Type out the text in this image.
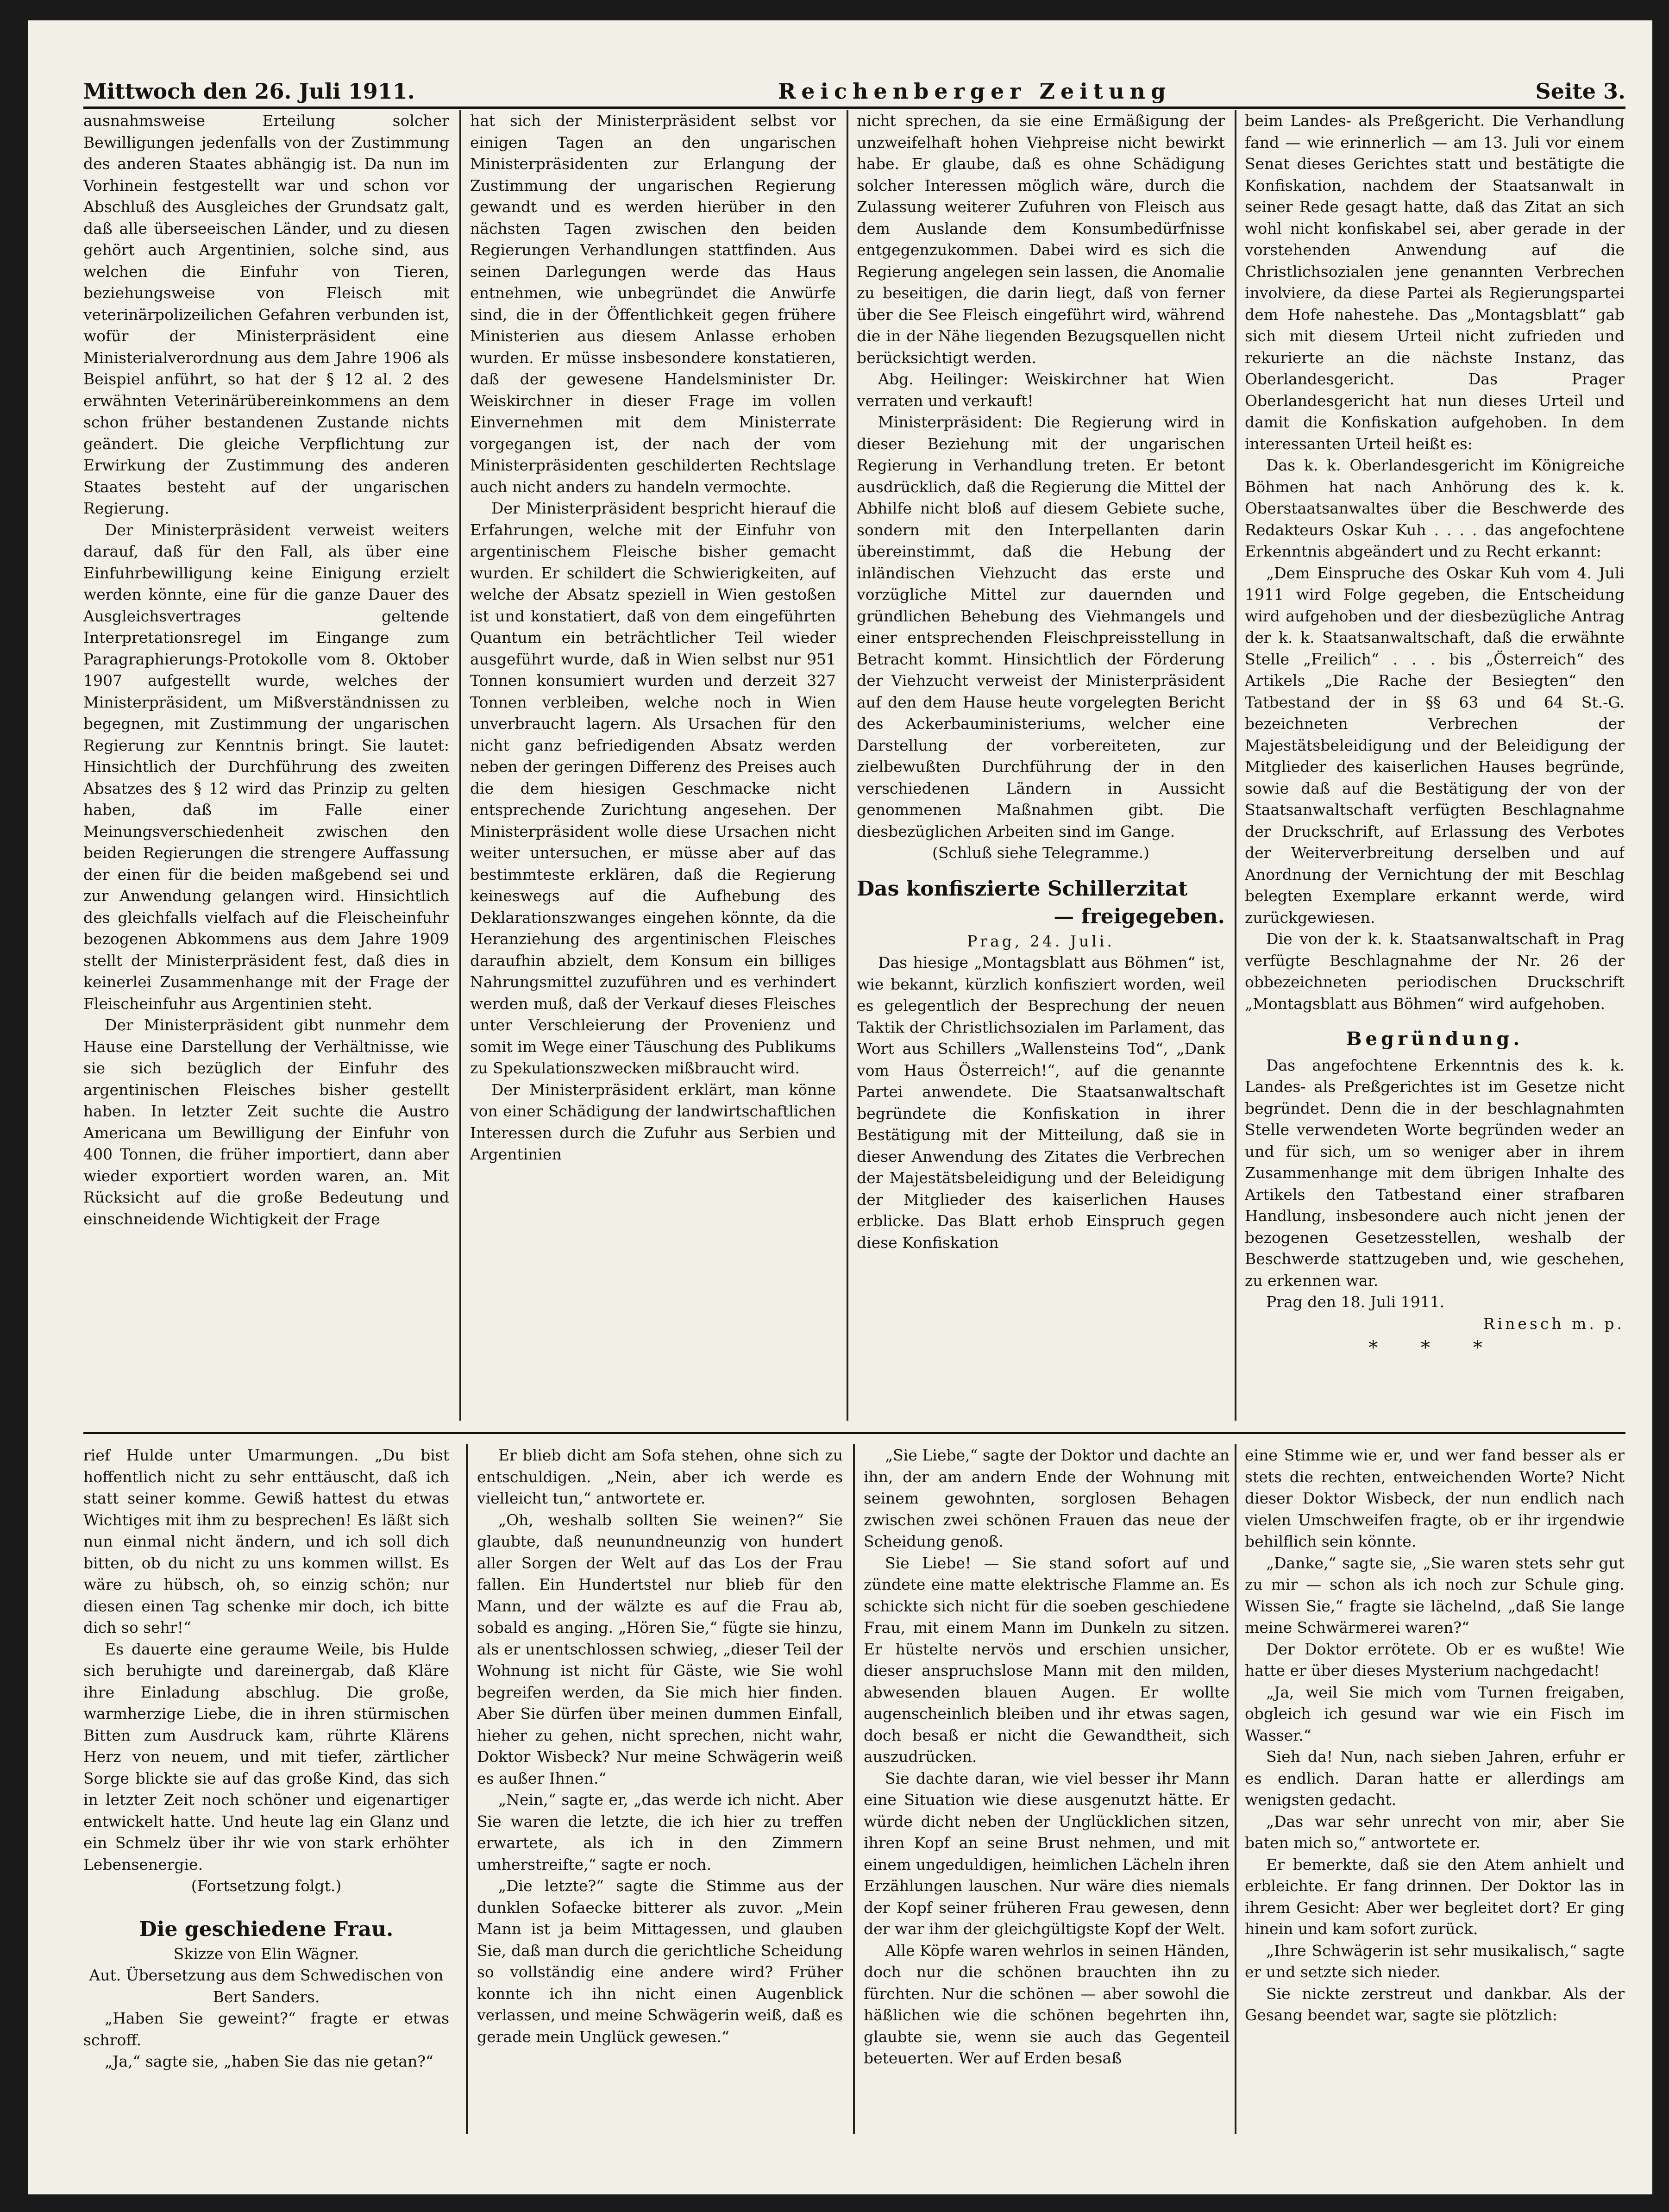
Mittwoch den 26. Juli 1911.	Reichenberger Zeitung	Seite 3.

ausnahmsweise Erteilung solcher Bewilligungen jedenfalls von der Zustimmung des anderen Staates abhängig ist. Da nun im Vorhinein festgestellt war und schon vor Abschluß des Ausgleiches der Grundsatz galt, daß alle überseeischen Länder, und zu diesen gehört auch Argentinien, solche sind, aus welchen die Einfuhr von Tieren, beziehungsweise von Fleisch mit veterinärpolizeilichen Gefahren verbunden ist, wofür der Ministerpräsident eine Ministerialverordnung aus dem Jahre 1906 als Beispiel anführt, so hat der § 12 al. 2 des erwähnten Veterinärübereinkommens an dem schon früher bestandenen Zustande nichts geändert. Die gleiche Verpflichtung zur Erwirkung der Zustimmung des anderen Staates besteht auf der ungarischen Regierung.

Der Ministerpräsident verweist weiters darauf, daß für den Fall, als über eine Einfuhrbewilligung keine Einigung erzielt werden könnte, eine für die ganze Dauer des Ausgleichsvertrages geltende Interpretationsregel im Eingange zum Paragraphierungs-Protokolle vom 8. Oktober 1907 aufgestellt wurde, welches der Ministerpräsident, um Mißverständnissen zu begegnen, mit Zustimmung der ungarischen Regierung zur Kenntnis bringt. Sie lautet: Hinsichtlich der Durchführung des zweiten Absatzes des § 12 wird das Prinzip zu gelten haben, daß im Falle einer Meinungsverschiedenheit zwischen den beiden Regierungen die strengere Auffassung der einen für die beiden maßgebend sei und zur Anwendung gelangen wird. Hinsichtlich des gleichfalls vielfach auf die Fleischeinfuhr bezogenen Abkommens aus dem Jahre 1909 stellt der Ministerpräsident fest, daß dies in keinerlei Zusammenhange mit der Frage der Fleischeinfuhr aus Argentinien steht.

Der Ministerpräsident gibt nunmehr dem Hause eine Darstellung der Verhältnisse, wie sie sich bezüglich der Einfuhr des argentinischen Fleisches bisher gestellt haben. In letzter Zeit suchte die Austro Americana um Bewilligung der Einfuhr von 400 Tonnen, die früher importiert, dann aber wieder exportiert worden waren, an. Mit Rücksicht auf die große Bedeutung und einschneidende Wichtigkeit der Frage

hat sich der Ministerpräsident selbst vor einigen Tagen an den ungarischen Ministerpräsidenten zur Erlangung der Zustimmung der ungarischen Regierung gewandt und es werden hierüber in den nächsten Tagen zwischen den beiden Regierungen Verhandlungen stattfinden. Aus seinen Darlegungen werde das Haus entnehmen, wie unbegründet die Anwürfe sind, die in der Öffentlichkeit gegen frühere Ministerien aus diesem Anlasse erhoben wurden. Er müsse insbesondere konstatieren, daß der gewesene Handelsminister Dr. Weiskirchner in dieser Frage im vollen Einvernehmen mit dem Ministerrate vorgegangen ist, der nach der vom Ministerpräsidenten geschilderten Rechtslage auch nicht anders zu handeln vermochte.

Der Ministerpräsident bespricht hierauf die Erfahrungen, welche mit der Einfuhr von argentinischem Fleische bisher gemacht wurden. Er schildert die Schwierigkeiten, auf welche der Absatz speziell in Wien gestoßen ist und konstatiert, daß von dem eingeführten Quantum ein beträchtlicher Teil wieder ausgeführt wurde, daß in Wien selbst nur 951 Tonnen konsumiert wurden und derzeit 327 Tonnen verbleiben, welche noch in Wien unverbraucht lagern. Als Ursachen für den nicht ganz befriedigenden Absatz werden neben der geringen Differenz des Preises auch die dem hiesigen Geschmacke nicht entsprechende Zurichtung angesehen. Der Ministerpräsident wolle diese Ursachen nicht weiter untersuchen, er müsse aber auf das bestimmteste erklären, daß die Regierung keineswegs auf die Aufhebung des Deklarationszwanges eingehen könnte, da die Heranziehung des argentinischen Fleisches daraufhin abzielt, dem Konsum ein billiges Nahrungsmittel zuzuführen und es verhindert werden muß, daß der Verkauf dieses Fleisches unter Verschleierung der Provenienz und somit im Wege einer Täuschung des Publikums zu Spekulationszwecken mißbraucht wird.

Der Ministerpräsident erklärt, man könne von einer Schädigung der landwirtschaftlichen Interessen durch die Zufuhr aus Serbien und Argentinien

nicht sprechen, da sie eine Ermäßigung der unzweifelhaft hohen Viehpreise nicht bewirkt habe. Er glaube, daß es ohne Schädigung solcher Interessen möglich wäre, durch die Zulassung weiterer Zufuhren von Fleisch aus dem Auslande dem Konsumbedürfnisse entgegenzukommen. Dabei wird es sich die Regierung angelegen sein lassen, die Anomalie zu beseitigen, die darin liegt, daß von ferner über die See Fleisch eingeführt wird, während die in der Nähe liegenden Bezugsquellen nicht berücksichtigt werden.

Abg. Heilinger: Weiskirchner hat Wien verraten und verkauft!

Ministerpräsident: Die Regierung wird in dieser Beziehung mit der ungarischen Regierung in Verhandlung treten. Er betont ausdrücklich, daß die Regierung die Mittel der Abhilfe nicht bloß auf diesem Gebiete suche, sondern mit den Interpellanten darin übereinstimmt, daß die Hebung der inländischen Viehzucht das erste und vorzügliche Mittel zur dauernden und gründlichen Behebung des Viehmangels und einer entsprechenden Fleischpreisstellung in Betracht kommt. Hinsichtlich der Förderung der Viehzucht verweist der Ministerpräsident auf den dem Hause heute vorgelegten Bericht des Ackerbauministeriums, welcher eine Darstellung der vorbereiteten, zur zielbewußten Durchführung der in den verschiedenen Ländern in Aussicht genommenen Maßnahmen gibt. Die diesbezüglichen Arbeiten sind im Gange.

(Schluß siehe Telegramme.)

Das konfiszierte Schillerzitat
— freigegeben.

Prag, 24. Juli.

Das hiesige „Montagsblatt aus Böhmen“ ist, wie bekannt, kürzlich konfisziert worden, weil es gelegentlich der Besprechung der neuen Taktik der Christlichsozialen im Parlament, das Wort aus Schillers „Wallensteins Tod“, „Dank vom Haus Österreich!“, auf die genannte Partei anwendete. Die Staatsanwaltschaft begründete die Konfiskation in ihrer Bestätigung mit der Mitteilung, daß sie in dieser Anwendung des Zitates die Verbrechen der Majestätsbeleidigung und der Beleidigung der Mitglieder des kaiserlichen Hauses erblicke. Das Blatt erhob Einspruch gegen diese Konfiskation

beim Landes- als Preßgericht. Die Verhandlung fand — wie erinnerlich — am 13. Juli vor einem Senat dieses Gerichtes statt und bestätigte die Konfiskation, nachdem der Staatsanwalt in seiner Rede gesagt hatte, daß das Zitat an sich wohl nicht konfiskabel sei, aber gerade in der vorstehenden Anwendung auf die Christlichsozialen jene genannten Verbrechen involviere, da diese Partei als Regierungspartei dem Hofe nahestehe. Das „Montagsblatt“ gab sich mit diesem Urteil nicht zufrieden und rekurierte an die nächste Instanz, das Oberlandesgericht. Das Prager Oberlandesgericht hat nun dieses Urteil und damit die Konfiskation aufgehoben. In dem interessanten Urteil heißt es:

Das k. k. Oberlandesgericht im Königreiche Böhmen hat nach Anhörung des k. k. Oberstaatsanwaltes über die Beschwerde des Redakteurs Oskar Kuh . . . . das angefochtene Erkenntnis abgeändert und zu Recht erkannt:

„Dem Einspruche des Oskar Kuh vom 4. Juli 1911 wird Folge gegeben, die Entscheidung wird aufgehoben und der diesbezügliche Antrag der k. k. Staatsanwaltschaft, daß die erwähnte Stelle „Freilich“ . . . bis „Österreich“ des Artikels „Die Rache der Besiegten“ den Tatbestand der in §§ 63 und 64 St.-G. bezeichneten Verbrechen der Majestätsbeleidigung und der Beleidigung der Mitglieder des kaiserlichen Hauses begründe, sowie daß auf die Bestätigung der von der Staatsanwaltschaft verfügten Beschlagnahme der Druckschrift, auf Erlassung des Verbotes der Weiterverbreitung derselben und auf Anordnung der Vernichtung der mit Beschlag belegten Exemplare erkannt werde, wird zurückgewiesen.

Die von der k. k. Staatsanwaltschaft in Prag verfügte Beschlagnahme der Nr. 26 der obbezeichneten periodischen Druckschrift „Montagsblatt aus Böhmen“ wird aufgehoben.

Begründung.

Das angefochtene Erkenntnis des k. k. Landes- als Preßgerichtes ist im Gesetze nicht begründet. Denn die in der beschlagnahmten Stelle verwendeten Worte begründen weder an und für sich, um so weniger aber in ihrem Zusammenhange mit dem übrigen Inhalte des Artikels den Tatbestand einer strafbaren Handlung, insbesondere auch nicht jenen der bezogenen Gesetzesstellen, weshalb der Beschwerde stattzugeben und, wie geschehen, zu erkennen war.

Prag den 18. Juli 1911.

Rinesch m. p.

* * *

rief Hulde unter Umarmungen. „Du bist hoffentlich nicht zu sehr enttäuscht, daß ich statt seiner komme. Gewiß hattest du etwas Wichtiges mit ihm zu besprechen! Es läßt sich nun einmal nicht ändern, und ich soll dich bitten, ob du nicht zu uns kommen willst. Es wäre zu hübsch, oh, so einzig schön; nur diesen einen Tag schenke mir doch, ich bitte dich so sehr!“

Es dauerte eine geraume Weile, bis Hulde sich beruhigte und dareinergab, daß Kläre ihre Einladung abschlug. Die große, warmherzige Liebe, die in ihren stürmischen Bitten zum Ausdruck kam, rührte Klärens Herz von neuem, und mit tiefer, zärtlicher Sorge blickte sie auf das große Kind, das sich in letzter Zeit noch schöner und eigenartiger entwickelt hatte. Und heute lag ein Glanz und ein Schmelz über ihr wie von stark erhöhter Lebensenergie.

(Fortsetzung folgt.)

Die geschiedene Frau.
Skizze von Elin Wägner.
Aut. Übersetzung aus dem Schwedischen von Bert Sanders.

„Haben Sie geweint?“ fragte er etwas schroff.

„Ja,“ sagte sie, „haben Sie das nie getan?“

Er blieb dicht am Sofa stehen, ohne sich zu entschuldigen. „Nein, aber ich werde es vielleicht tun,“ antwortete er.

„Oh, weshalb sollten Sie weinen?“ Sie glaubte, daß neunundneunzig von hundert aller Sorgen der Welt auf das Los der Frau fallen. Ein Hundertstel nur blieb für den Mann, und der wälzte es auf die Frau ab, sobald es anging. „Hören Sie,“ fügte sie hinzu, als er unentschlossen schwieg, „dieser Teil der Wohnung ist nicht für Gäste, wie Sie wohl begreifen werden, da Sie mich hier finden. Aber Sie dürfen über meinen dummen Einfall, hieher zu gehen, nicht sprechen, nicht wahr, Doktor Wisbeck? Nur meine Schwägerin weiß es außer Ihnen.“

„Nein,“ sagte er, „das werde ich nicht. Aber Sie waren die letzte, die ich hier zu treffen erwartete, als ich in den Zimmern umherstreifte,“ sagte er noch.

„Die letzte?“ sagte die Stimme aus der dunklen Sofaecke bitterer als zuvor. „Mein Mann ist ja beim Mittagessen, und glauben Sie, daß man durch die gerichtliche Scheidung so vollständig eine andere wird? Früher konnte ich ihn nicht einen Augenblick verlassen, und meine Schwägerin weiß, daß es gerade mein Unglück gewesen.“

„Sie Liebe,“ sagte der Doktor und dachte an ihn, der am andern Ende der Wohnung mit seinem gewohnten, sorglosen Behagen zwischen zwei schönen Frauen das neue der Scheidung genoß.

Sie Liebe! — Sie stand sofort auf und zündete eine matte elektrische Flamme an. Es schickte sich nicht für die soeben geschiedene Frau, mit einem Mann im Dunkeln zu sitzen. Er hüstelte nervös und erschien unsicher, dieser anspruchslose Mann mit den milden, abwesenden blauen Augen. Er wollte augenscheinlich bleiben und ihr etwas sagen, doch besaß er nicht die Gewandtheit, sich auszudrücken.

Sie dachte daran, wie viel besser ihr Mann eine Situation wie diese ausgenutzt hätte. Er würde dicht neben der Unglücklichen sitzen, ihren Kopf an seine Brust nehmen, und mit einem ungeduldigen, heimlichen Lächeln ihren Erzählungen lauschen. Nur wäre dies niemals der Kopf seiner früheren Frau gewesen, denn der war ihm der gleichgültigste Kopf der Welt.

Alle Köpfe waren wehrlos in seinen Händen, doch nur die schönen brauchten ihn zu fürchten. Nur die schönen — aber sowohl die häßlichen wie die schönen begehrten ihn, glaubte sie, wenn sie auch das Gegenteil beteuerten. Wer auf Erden besaß

eine Stimme wie er, und wer fand besser als er stets die rechten, entweichenden Worte? Nicht dieser Doktor Wisbeck, der nun endlich nach vielen Umschweifen fragte, ob er ihr irgendwie behilflich sein könnte.

„Danke,“ sagte sie, „Sie waren stets sehr gut zu mir — schon als ich noch zur Schule ging. Wissen Sie,“ fragte sie lächelnd, „daß Sie lange meine Schwärmerei waren?“

Der Doktor errötete. Ob er es wußte! Wie hatte er über dieses Mysterium nachgedacht!

„Ja, weil Sie mich vom Turnen freigaben, obgleich ich gesund war wie ein Fisch im Wasser.“

Sieh da! Nun, nach sieben Jahren, erfuhr er es endlich. Daran hatte er allerdings am wenigsten gedacht.

„Das war sehr unrecht von mir, aber Sie baten mich so,“ antwortete er.

Er bemerkte, daß sie den Atem anhielt und erbleichte. Er fang drinnen. Der Doktor las in ihrem Gesicht: Aber wer begleitet dort? Er ging hinein und kam sofort zurück.

„Ihre Schwägerin ist sehr musikalisch,“ sagte er und setzte sich nieder.

Sie nickte zerstreut und dankbar. Als der Gesang beendet war, sagte sie plötzlich:
